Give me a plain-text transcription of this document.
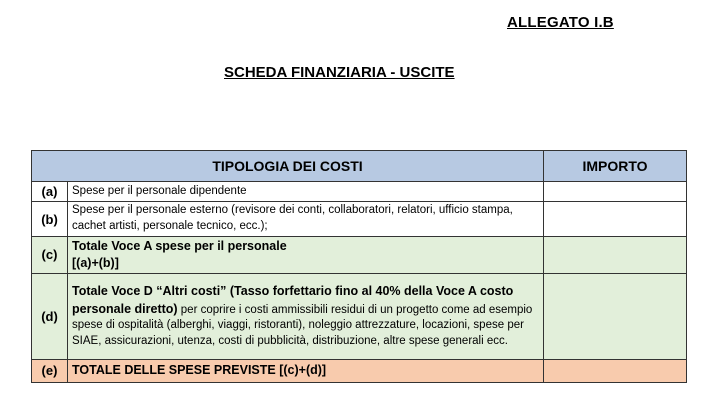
ALLEGATO I.B
SCHEDA FINANZIARIA - USCITE
TIPOLOGIA DEI COSTI		IMPORTO
(a)	Spese per il personale dipendente	
(b)	Spese per il personale esterno (revisore dei conti, collaboratori, relatori, ufficio stampa, cachet artisti, personale tecnico, ecc.);	
(c)	Totale Voce A spese per il personale
[(a)+(b)]	

(d)	Totale Voce D “Altri costi” (Tasso forfettario fino al 40% della Voce A costo personale diretto) per coprire i costi ammissibili residui di un progetto come ad esempio spese di ospitalità (alberghi, viaggi, ristoranti), noleggio attrezzature, locazioni, spese per SIAE, assicurazioni, utenza, costi di pubblicità, distribuzione, altre spese generali ecc.	
(e)	TOTALE DELLE SPESE PREVISTE [(c)+(d)]	
